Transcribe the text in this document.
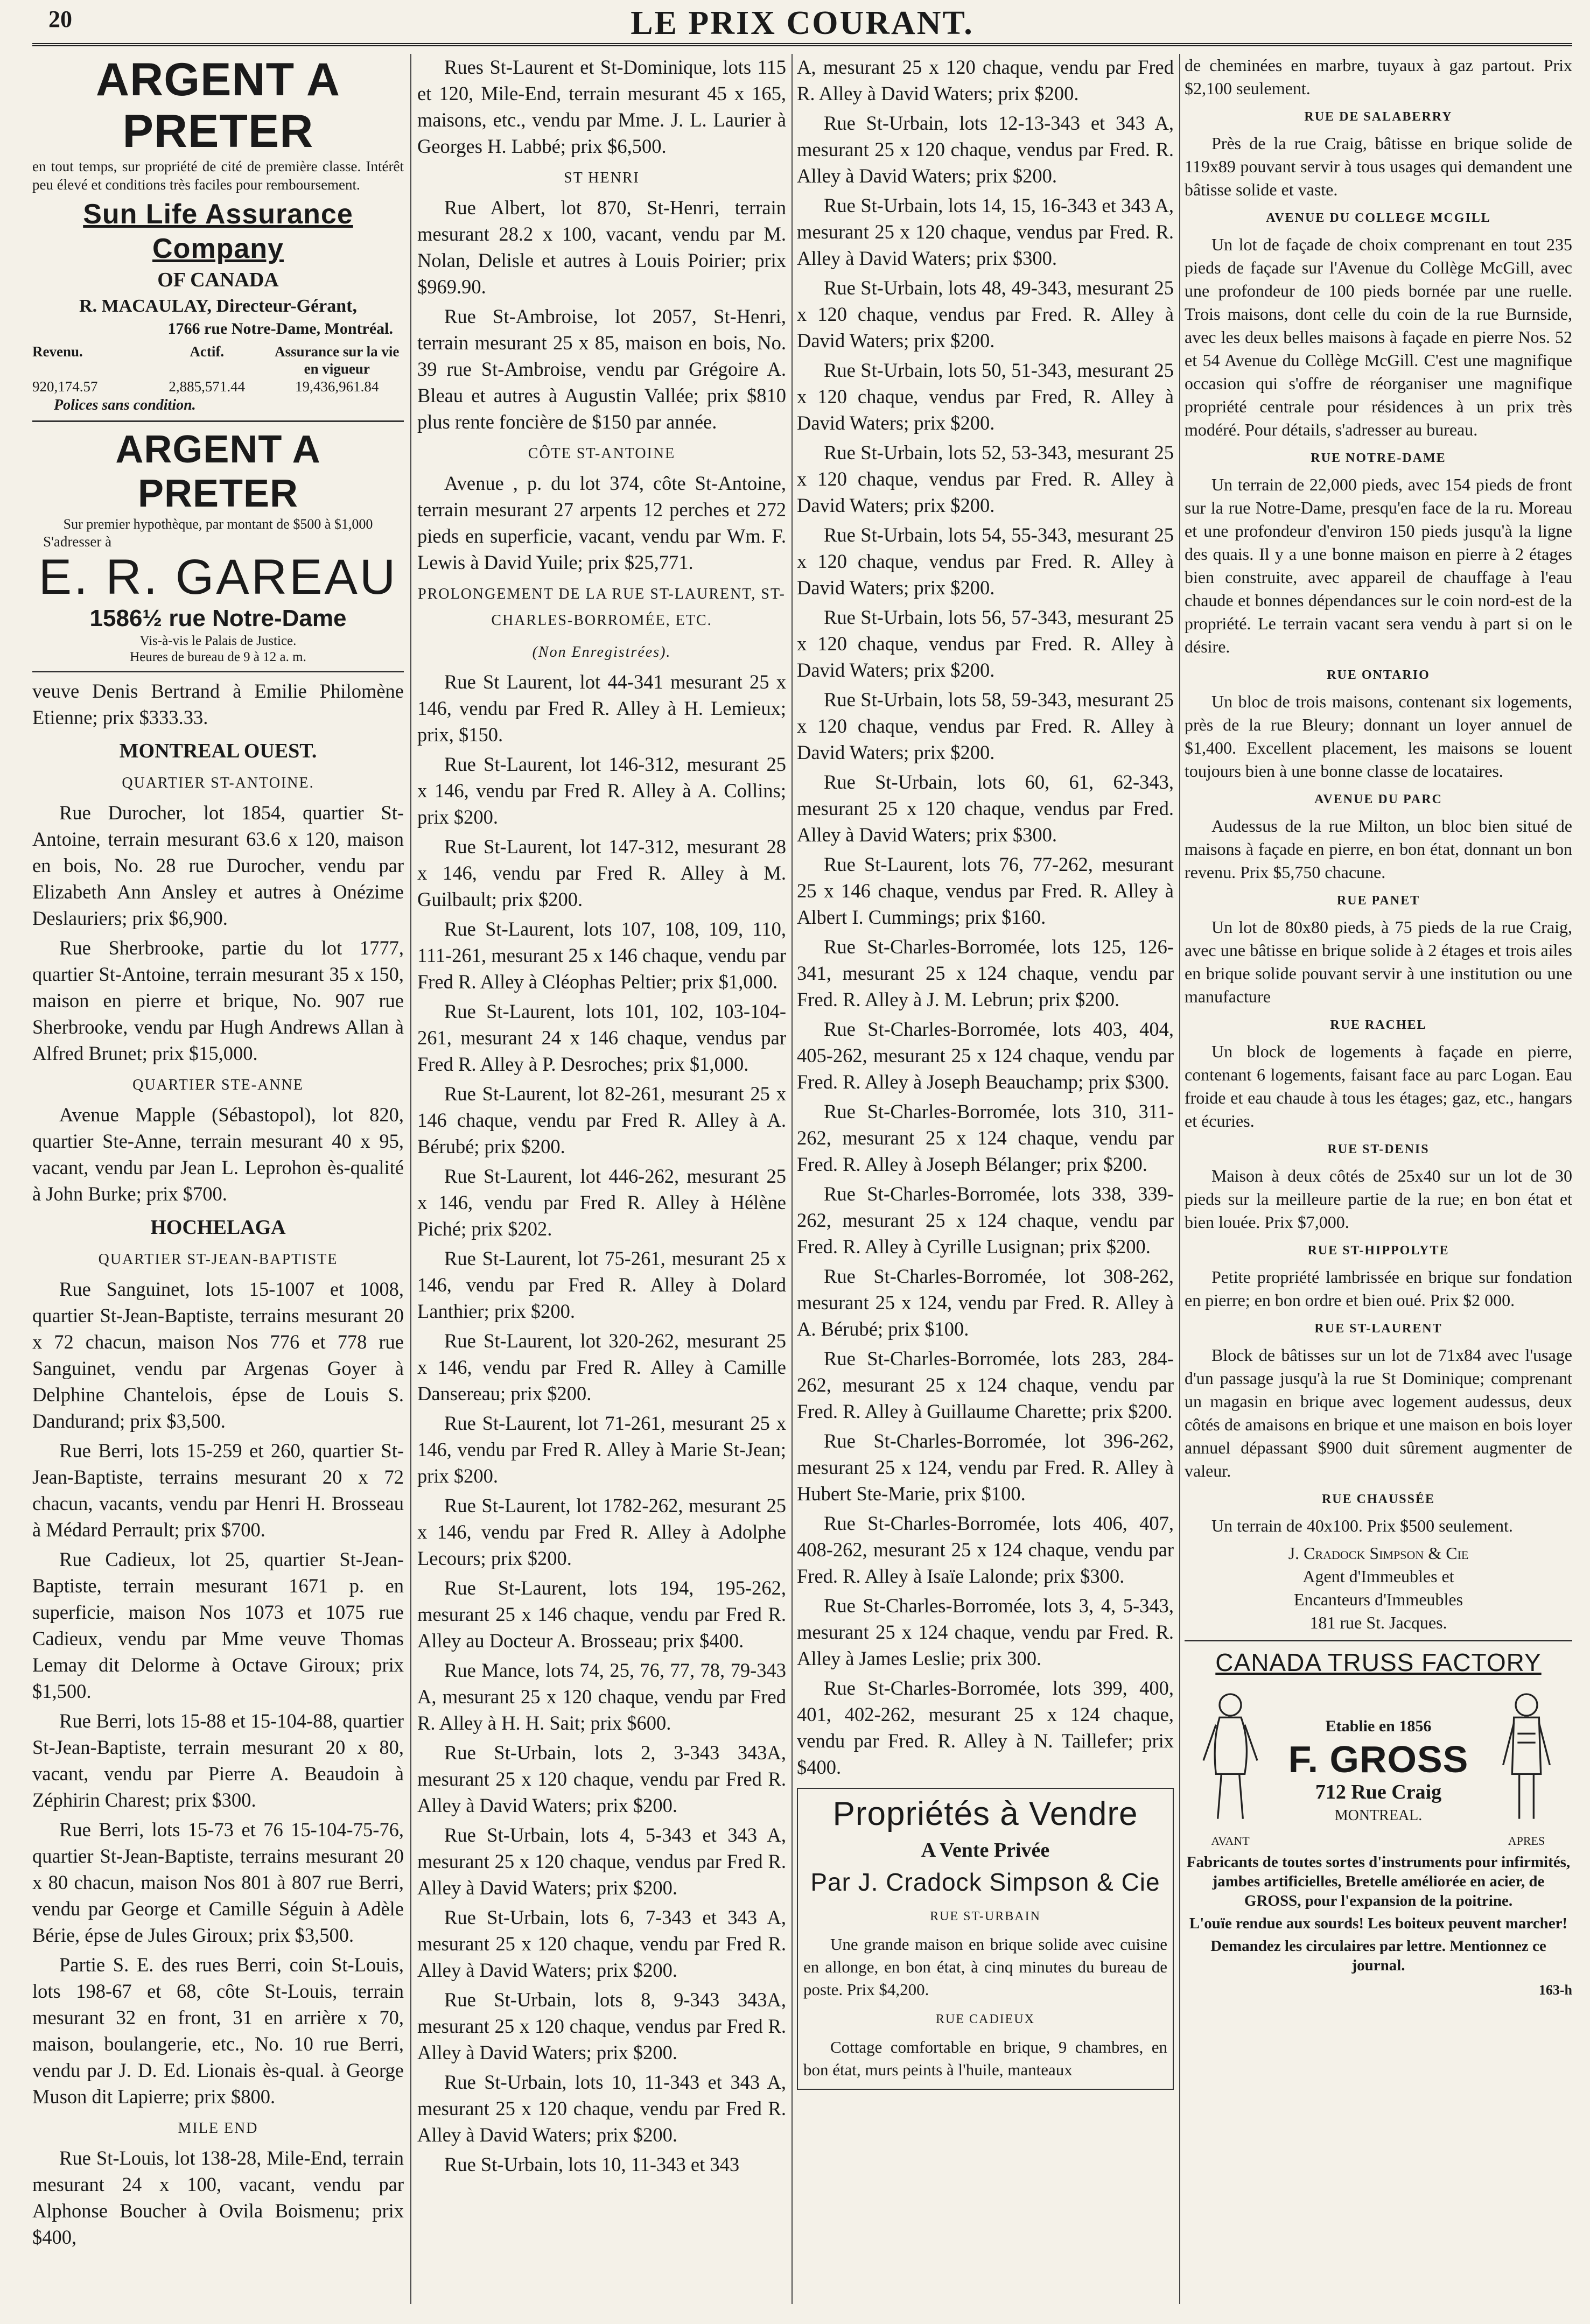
20	LE PRIX COURANT.
ARGENT A PRETER

en tout temps, sur propriété de cité de première classe. Intérêt peu élevé et conditions très faciles pour remboursement.

Sun Life Assurance Company
OF CANADA
R. MACAULAY, Directeur-Gérant,
1766 rue Notre-Dame, Montréal.
Revenu.	Actif.	Assurance sur la vie en vigueur
920,174.57	2,885,571.44	19,436,961.84
Polices sans condition.
ARGENT A PRETER
Sur premier hypothèque, par montant de $500 à $1,000
S'adresser à
E. R. GAREAU
1586½ rue Notre-Dame
Vis-à-vis le Palais de Justice.
Heures de bureau de 9 à 12 a. m.

veuve Denis Bertrand à Emilie Philomène Etienne; prix $333.33.

MONTREAL OUEST.
QUARTIER ST-ANTOINE.

Rue Durocher, lot 1854, quartier St-Antoine, terrain mesurant 63.6 x 120, maison en bois, No. 28 rue Durocher, vendu par Elizabeth Ann Ansley et autres à Onézime Deslauriers; prix $6,900.

Rue Sherbrooke, partie du lot 1777, quartier St-Antoine, terrain mesurant 35 x 150, maison en pierre et brique, No. 907 rue Sherbrooke, vendu par Hugh Andrews Allan à Alfred Brunet; prix $15,000.

QUARTIER STE-ANNE

Avenue Mapple (Sébastopol), lot 820, quartier Ste-Anne, terrain mesurant 40 x 95, vacant, vendu par Jean L. Leprohon ès-qualité à John Burke; prix $700.

HOCHELAGA
QUARTIER ST-JEAN-BAPTISTE

Rue Sanguinet, lots 15-1007 et 1008, quartier St-Jean-Baptiste, terrains mesurant 20 x 72 chacun, maison Nos 776 et 778 rue Sanguinet, vendu par Argenas Goyer à Delphine Chantelois, épse de Louis S. Dandurand; prix $3,500.

Rue Berri, lots 15-259 et 260, quartier St-Jean-Baptiste, terrains mesurant 20 x 72 chacun, vacants, vendu par Henri H. Brosseau à Médard Perrault; prix $700.

Rue Cadieux, lot 25, quartier St-Jean-Baptiste, terrain mesurant 1671 p. en superficie, maison Nos 1073 et 1075 rue Cadieux, vendu par Mme veuve Thomas Lemay dit Delorme à Octave Giroux; prix $1,500.

Rue Berri, lots 15-88 et 15-104-88, quartier St-Jean-Baptiste, terrain mesurant 20 x 80, vacant, vendu par Pierre A. Beaudoin à Zéphirin Charest; prix $300.

Rue Berri, lots 15-73 et 76 15-104-75-76, quartier St-Jean-Baptiste, terrains mesurant 20 x 80 chacun, maison Nos 801 à 807 rue Berri, vendu par George et Camille Séguin à Adèle Bérie, épse de Jules Giroux; prix $3,500.

Partie S. E. des rues Berri, coin St-Louis, lots 198-67 et 68, côte St-Louis, terrain mesurant 32 en front, 31 en arrière x 70, maison, boulangerie, etc., No. 10 rue Berri, vendu par J. D. Ed. Lionais ès-qual. à George Muson dit Lapierre; prix $800.

MILE END

Rue St-Louis, lot 138-28, Mile-End, terrain mesurant 24 x 100, vacant, vendu par Alphonse Boucher à Ovila Boismenu; prix $400,

Rues St-Laurent et St-Dominique, lots 115 et 120, Mile-End, terrain mesurant 45 x 165, maisons, etc., vendu par Mme. J. L. Laurier à Georges H. Labbé; prix $6,500.

ST HENRI

Rue Albert, lot 870, St-Henri, terrain mesurant 28.2 x 100, vacant, vendu par M. Nolan, Delisle et autres à Louis Poirier; prix $969.90.

Rue St-Ambroise, lot 2057, St-Henri, terrain mesurant 25 x 85, maison en bois, No. 39 rue St-Ambroise, vendu par Grégoire A. Bleau et autres à Augustin Vallée; prix $810 plus rente foncière de $150 par année.

CÔTE ST-ANTOINE

Avenue , p. du lot 374, côte St-Antoine, terrain mesurant 27 arpents 12 perches et 272 pieds en superficie, vacant, vendu par Wm. F. Lewis à David Yuile; prix $25,771.

PROLONGEMENT DE LA RUE ST-LAURENT, ST-CHARLES-BORROMÉE, ETC.
(Non Enregistrées).

Rue St Laurent, lot 44-341 mesurant 25 x 146, vendu par Fred R. Alley à H. Lemieux; prix, $150.

Rue St-Laurent, lot 146-312, mesurant 25 x 146, vendu par Fred R. Alley à A. Collins; prix $200.

Rue St-Laurent, lot 147-312, mesurant 28 x 146, vendu par Fred R. Alley à M. Guilbault; prix $200.

Rue St-Laurent, lots 107, 108, 109, 110, 111-261, mesurant 25 x 146 chaque, vendu par Fred R. Alley à Cléophas Peltier; prix $1,000.

Rue St-Laurent, lots 101, 102, 103-104-261, mesurant 24 x 146 chaque, vendus par Fred R. Alley à P. Desroches; prix $1,000.

Rue St-Laurent, lot 82-261, mesurant 25 x 146 chaque, vendu par Fred R. Alley à A. Bérubé; prix $200.

Rue St-Laurent, lot 446-262, mesurant 25 x 146, vendu par Fred R. Alley à Hélène Piché; prix $202.

Rue St-Laurent, lot 75-261, mesurant 25 x 146, vendu par Fred R. Alley à Dolard Lanthier; prix $200.

Rue St-Laurent, lot 320-262, mesurant 25 x 146, vendu par Fred R. Alley à Camille Dansereau; prix $200.

Rue St-Laurent, lot 71-261, mesurant 25 x 146, vendu par Fred R. Alley à Marie St-Jean; prix $200.

Rue St-Laurent, lot 1782-262, mesurant 25 x 146, vendu par Fred R. Alley à Adolphe Lecours; prix $200.

Rue St-Laurent, lots 194, 195-262, mesurant 25 x 146 chaque, vendu par Fred R. Alley au Docteur A. Brosseau; prix $400.

Rue Mance, lots 74, 25, 76, 77, 78, 79-343 A, mesurant 25 x 120 chaque, vendu par Fred R. Alley à H. H. Sait; prix $600.

Rue St-Urbain, lots 2, 3-343 343A, mesurant 25 x 120 chaque, vendu par Fred R. Alley à David Waters; prix $200.

Rue St-Urbain, lots 4, 5-343 et 343 A, mesurant 25 x 120 chaque, vendus par Fred R. Alley à David Waters; prix $200.

Rue St-Urbain, lots 6, 7-343 et 343 A, mesurant 25 x 120 chaque, vendu par Fred R. Alley à David Waters; prix $200.

Rue St-Urbain, lots 8, 9-343 343A, mesurant 25 x 120 chaque, vendus par Fred R. Alley à David Waters; prix $200.

Rue St-Urbain, lots 10, 11-343 et 343 A, mesurant 25 x 120 chaque, vendu par Fred R. Alley à David Waters; prix $200.

Rue St-Urbain, lots 10, 11-343 et 343

A, mesurant 25 x 120 chaque, vendu par Fred R. Alley à David Waters; prix $200.

Rue St-Urbain, lots 12-13-343 et 343 A, mesurant 25 x 120 chaque, vendus par Fred. R. Alley à David Waters; prix $200.

Rue St-Urbain, lots 14, 15, 16-343 et 343 A, mesurant 25 x 120 chaque, vendus par Fred. R. Alley à David Waters; prix $300.

Rue St-Urbain, lots 48, 49-343, mesurant 25 x 120 chaque, vendus par Fred. R. Alley à David Waters; prix $200.

Rue St-Urbain, lots 50, 51-343, mesurant 25 x 120 chaque, vendus par Fred, R. Alley à David Waters; prix $200.

Rue St-Urbain, lots 52, 53-343, mesurant 25 x 120 chaque, vendus par Fred. R. Alley à David Waters; prix $200.

Rue St-Urbain, lots 54, 55-343, mesurant 25 x 120 chaque, vendus par Fred. R. Alley à David Waters; prix $200.

Rue St-Urbain, lots 56, 57-343, mesurant 25 x 120 chaque, vendus par Fred. R. Alley à David Waters; prix $200.

Rue St-Urbain, lots 58, 59-343, mesurant 25 x 120 chaque, vendus par Fred. R. Alley à David Waters; prix $200.

Rue St-Urbain, lots 60, 61, 62-343, mesurant 25 x 120 chaque, vendus par Fred. Alley à David Waters; prix $300.

Rue St-Laurent, lots 76, 77-262, mesurant 25 x 146 chaque, vendus par Fred. R. Alley à Albert I. Cummings; prix $160.

Rue St-Charles-Borromée, lots 125, 126-341, mesurant 25 x 124 chaque, vendu par Fred. R. Alley à J. M. Lebrun; prix $200.

Rue St-Charles-Borromée, lots 403, 404, 405-262, mesurant 25 x 124 chaque, vendu par Fred. R. Alley à Joseph Beauchamp; prix $300.

Rue St-Charles-Borromée, lots 310, 311-262, mesurant 25 x 124 chaque, vendu par Fred. R. Alley à Joseph Bélanger; prix $200.

Rue St-Charles-Borromée, lots 338, 339-262, mesurant 25 x 124 chaque, vendu par Fred. R. Alley à Cyrille Lusignan; prix $200.

Rue St-Charles-Borromée, lot 308-262, mesurant 25 x 124, vendu par Fred. R. Alley à A. Bérubé; prix $100.

Rue St-Charles-Borromée, lots 283, 284-262, mesurant 25 x 124 chaque, vendu par Fred. R. Alley à Guillaume Charette; prix $200.

Rue St-Charles-Borromée, lot 396-262, mesurant 25 x 124, vendu par Fred. R. Alley à Hubert Ste-Marie, prix $100.

Rue St-Charles-Borromée, lots 406, 407, 408-262, mesurant 25 x 124 chaque, vendu par Fred. R. Alley à Isaïe Lalonde; prix $300.

Rue St-Charles-Borromée, lots 3, 4, 5-343, mesurant 25 x 124 chaque, vendu par Fred. R. Alley à James Leslie; prix 300.

Rue St-Charles-Borromée, lots 399, 400, 401, 402-262, mesurant 25 x 124 chaque, vendu par Fred. R. Alley à N. Taillefer; prix $400.

Propriétés à Vendre
A Vente Privée
Par J. Cradock Simpson & Cie
RUE ST-URBAIN

Une grande maison en brique solide avec cuisine en allonge, en bon état, à cinq minutes du bureau de poste. Prix $4,200.

RUE CADIEUX

Cottage comfortable en brique, 9 chambres, en bon état, murs peints à l'huile, manteaux

de cheminées en marbre, tuyaux à gaz partout. Prix $2,100 seulement.

RUE DE SALABERRY

Près de la rue Craig, bâtisse en brique solide de 119x89 pouvant servir à tous usages qui demandent une bâtisse solide et vaste.

AVENUE DU COLLEGE MCGILL

Un lot de façade de choix comprenant en tout 235 pieds de façade sur l'Avenue du Collège McGill, avec une profondeur de 100 pieds bornée par une ruelle. Trois maisons, dont celle du coin de la rue Burnside, avec les deux belles maisons à façade en pierre Nos. 52 et 54 Avenue du Collège McGill. C'est une magnifique occasion qui s'offre de réorganiser une magnifique propriété centrale pour résidences à un prix très modéré. Pour détails, s'adresser au bureau.

RUE NOTRE-DAME

Un terrain de 22,000 pieds, avec 154 pieds de front sur la rue Notre-Dame, presqu'en face de la ru. Moreau et une profondeur d'environ 150 pieds jusqu'à la ligne des quais. Il y a une bonne maison en pierre à 2 étages bien construite, avec appareil de chauffage à l'eau chaude et bonnes dépendances sur le coin nord-est de la propriété. Le terrain vacant sera vendu à part si on le désire.

RUE ONTARIO

Un bloc de trois maisons, contenant six logements, près de la rue Bleury; donnant un loyer annuel de $1,400. Excellent placement, les maisons se louent toujours bien à une bonne classe de locataires.

AVENUE DU PARC

Audessus de la rue Milton, un bloc bien situé de maisons à façade en pierre, en bon état, donnant un bon revenu. Prix $5,750 chacune.

RUE PANET

Un lot de 80x80 pieds, à 75 pieds de la rue Craig, avec une bâtisse en brique solide à 2 étages et trois ailes en brique solide pouvant servir à une institution ou une manufacture

RUE RACHEL

Un block de logements à façade en pierre, contenant 6 logements, faisant face au parc Logan. Eau froide et eau chaude à tous les étages; gaz, etc., hangars et écuries.

RUE ST-DENIS

Maison à deux côtés de 25x40 sur un lot de 30 pieds sur la meilleure partie de la rue; en bon état et bien louée. Prix $7,000.

RUE ST-HIPPOLYTE

Petite propriété lambrissée en brique sur fondation en pierre; en bon ordre et bien oué. Prix $2 000.

RUE ST-LAURENT

Block de bâtisses sur un lot de 71x84 avec l'usage d'un passage jusqu'à la rue St Dominique; comprenant un magasin en brique avec logement audessus, deux côtés de amaisons en brique et une maison en bois loyer annuel dépassant $900 duit sûrement augmenter de valeur.

RUE CHAUSSÉE

Un terrain de 40x100. Prix $500 seulement.

J. Cradock Simpson & Cie
Agent d'Immeubles et
Encanteurs d'Immeubles
181 rue St. Jacques.
CANADA TRUSS FACTORY
AVANT
Etablie en 1856
F. GROSS
712 Rue Craig
MONTREAL.
APRES

Fabricants de toutes sortes d'instruments pour infirmités, jambes artificielles, Bretelle améliorée en acier, de GROSS, pour l'expansion de la poitrine.

L'ouïe rendue aux sourds! Les boiteux peuvent marcher!

Demandez les circulaires par lettre. Mentionnez ce journal.

163-h
